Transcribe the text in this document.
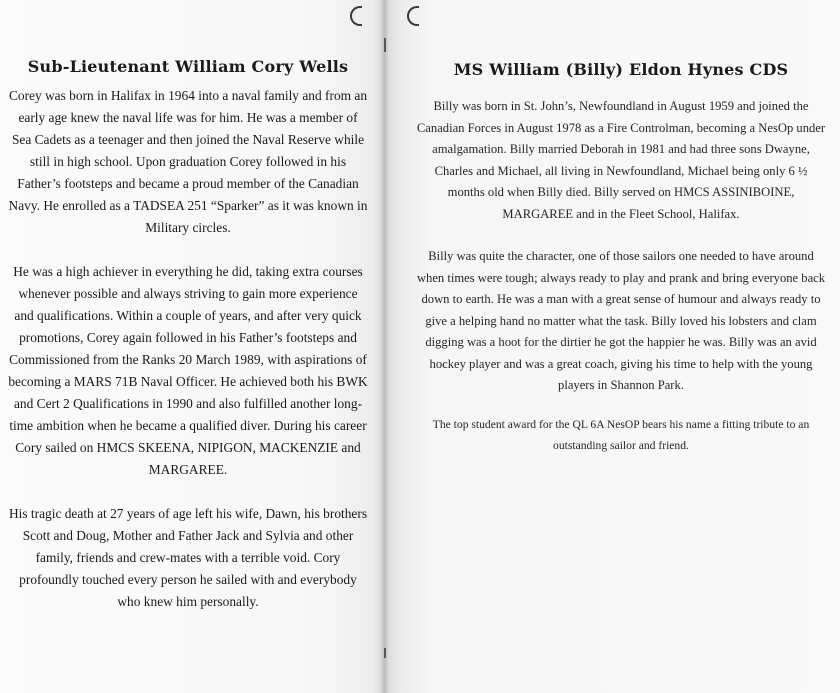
Sub-Lieutenant William Cory Wells

Corey was born in Halifax in 1964 into a naval family and from an early age knew the naval life was for him. He was a member of Sea Cadets as a teenager and then joined the Naval Reserve while still in high school. Upon graduation Corey followed in his Father’s footsteps and became a proud member of the Canadian Navy. He enrolled as a TADSEA 251 “Sparker” as it was known in Military circles.

He was a high achiever in everything he did, taking extra courses whenever possible and always striving to gain more experience and qualifications. Within a couple of years, and after very quick promotions, Corey again followed in his Father’s footsteps and Commissioned from the Ranks 20 March 1989, with aspirations of becoming a MARS 71B Naval Officer. He achieved both his BWK and Cert 2 Qualifications in 1990 and also fulfilled another long-time ambition when he became a qualified diver. During his career Cory sailed on HMCS SKEENA, NIPIGON, MACKENZIE and MARGAREE.

His tragic death at 27 years of age left his wife, Dawn, his brothers Scott and Doug, Mother and Father Jack and Sylvia and other family, friends and crew-mates with a terrible void. Cory profoundly touched every person he sailed with and everybody who knew him personally.

MS William (Billy) Eldon Hynes CDS

Billy was born in St. John’s, Newfoundland in August 1959 and joined the Canadian Forces in August 1978 as a Fire Controlman, becoming a NesOp under amalgamation. Billy married Deborah in 1981 and had three sons Dwayne, Charles and Michael, all living in Newfoundland, Michael being only 6 ½ months old when Billy died. Billy served on HMCS ASSINIBOINE, MARGAREE and in the Fleet School, Halifax.

Billy was quite the character, one of those sailors one needed to have around when times were tough; always ready to play and prank and bring everyone back down to earth. He was a man with a great sense of humour and always ready to give a helping hand no matter what the task. Billy loved his lobsters and clam digging was a hoot for the dirtier he got the happier he was. Billy was an avid hockey player and was a great coach, giving his time to help with the young players in Shannon Park.

The top student award for the QL 6A NesOP bears his name a fitting tribute to an outstanding sailor and friend.
